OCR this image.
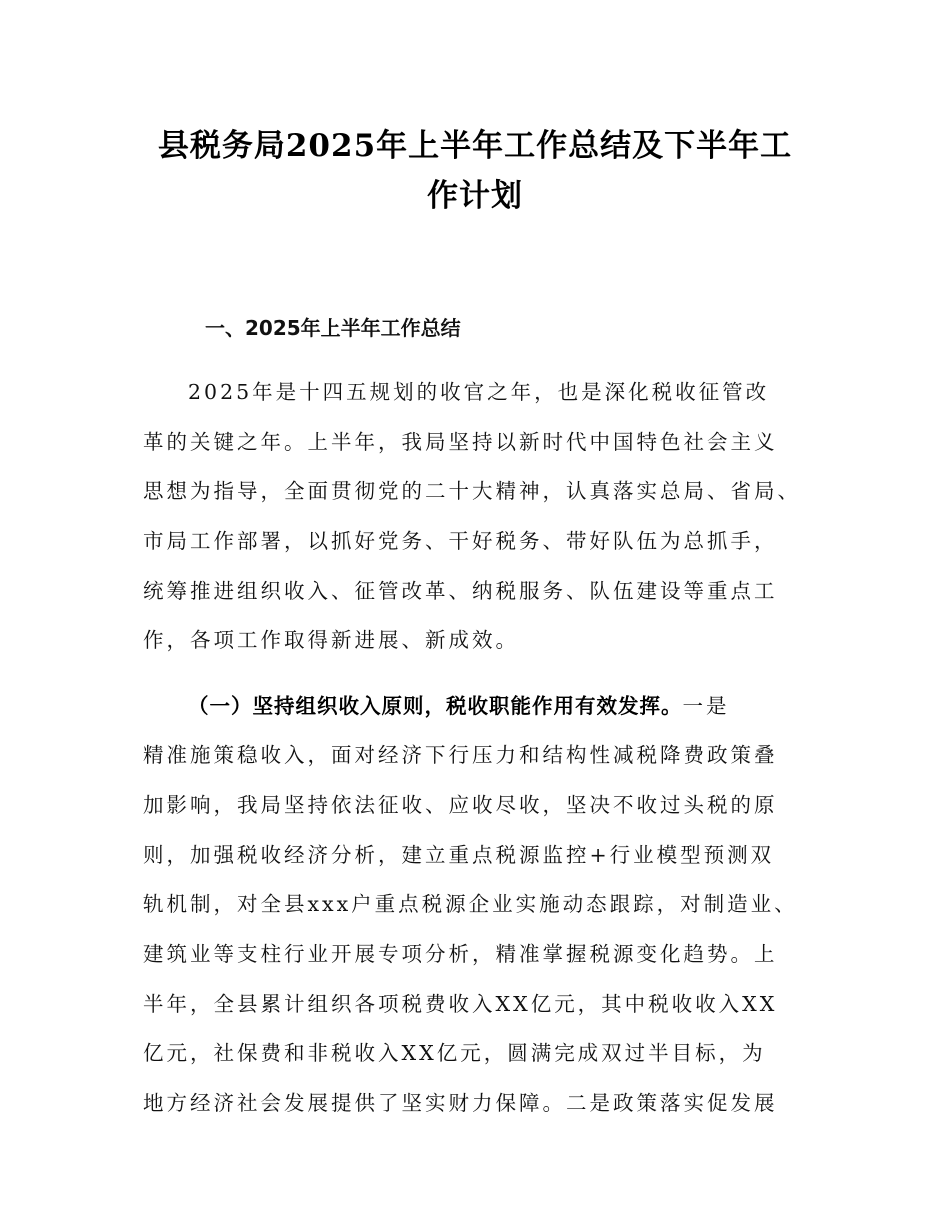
县税务局2025年上半年工作总结及下半年工
作计划
一、2025年上半年工作总结
2025年是十四五规划的收官之年，也是深化税收征管改
革的关键之年。上半年，我局坚持以新时代中国特色社会主义
思想为指导，全面贯彻党的二十大精神，认真落实总局、省局、
市局工作部署，以抓好党务、干好税务、带好队伍为总抓手，
统筹推进组织收入、征管改革、纳税服务、队伍建设等重点工
作，各项工作取得新进展、新成效。
（一）坚持组织收入原则，税收职能作用有效发挥。一是
精准施策稳收入，面对经济下行压力和结构性减税降费政策叠
加影响，我局坚持依法征收、应收尽收，坚决不收过头税的原
则，加强税收经济分析，建立重点税源监控+行业模型预测双
轨机制，对全县xxx户重点税源企业实施动态跟踪，对制造业、
建筑业等支柱行业开展专项分析，精准掌握税源变化趋势。上
半年，全县累计组织各项税费收入XX亿元，其中税收收入XX
亿元，社保费和非税收入XX亿元，圆满完成双过半目标，为
地方经济社会发展提供了坚实财力保障。二是政策落实促发展
